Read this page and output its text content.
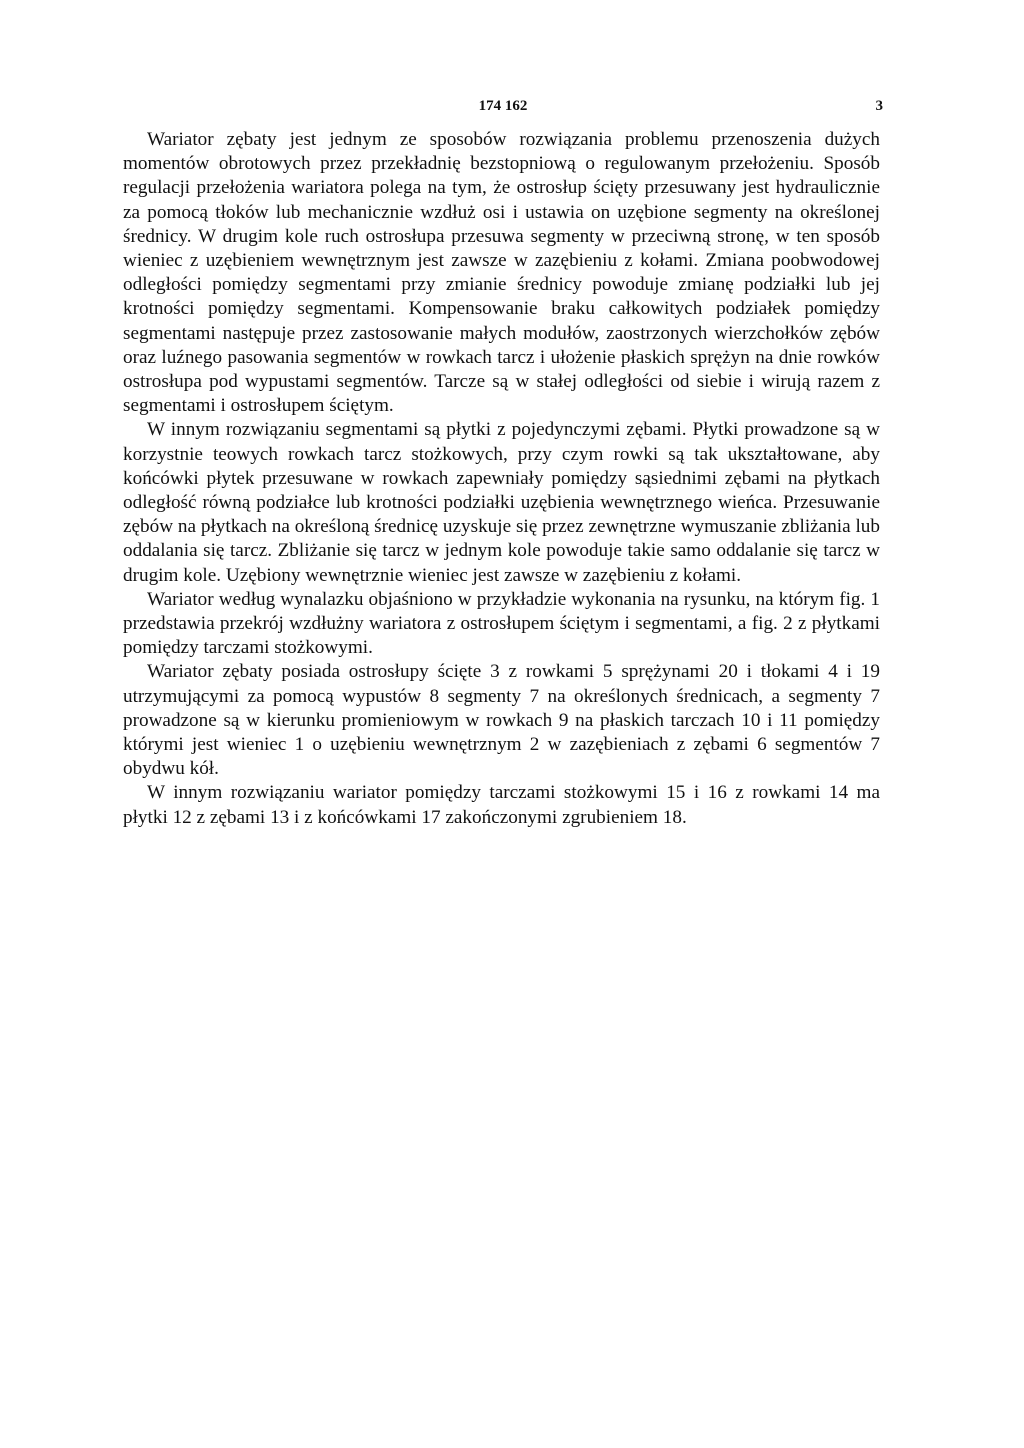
174 162	3

Wariator zębaty jest jednym ze sposobów rozwiązania problemu przenoszenia dużych momentów obrotowych przez przekładnię bezstopniową o regulowanym przełożeniu. Sposób regulacji przełożenia wariatora polega na tym, że ostrosłup ścięty przesuwany jest hydraulicznie za pomocą tłoków lub mechanicznie wzdłuż osi i ustawia on uzębione segmenty na określonej średnicy. W drugim kole ruch ostrosłupa przesuwa segmenty w przeciwną stronę, w ten sposób wieniec z uzębieniem wewnętrznym jest zawsze w zazębieniu z kołami. Zmiana poobwodowej odległości pomiędzy segmentami przy zmianie średnicy powoduje zmianę podziałki lub jej krotności pomiędzy segmentami. Kompensowanie braku całkowitych podziałek pomiędzy segmentami następuje przez zastosowanie małych modułów, zaostrzonych wierzchołków zębów oraz luźnego pasowania segmentów w rowkach tarcz i ułożenie płaskich sprężyn na dnie rowków ostrosłupa pod wypustami segmentów. Tarcze są w stałej odległości od siebie i wirują razem z segmentami i ostrosłupem ściętym.

W innym rozwiązaniu segmentami są płytki z pojedynczymi zębami. Płytki prowadzone są w korzystnie teowych rowkach tarcz stożkowych, przy czym rowki są tak ukształtowane, aby końcówki płytek przesuwane w rowkach zapewniały pomiędzy sąsiednimi zębami na płytkach odległość równą podziałce lub krotności podziałki uzębienia wewnętrznego wieńca. Przesuwanie zębów na płytkach na określoną średnicę uzyskuje się przez zewnętrzne wymuszanie zbliżania lub oddalania się tarcz. Zbliżanie się tarcz w jednym kole powoduje takie samo oddalanie się tarcz w drugim kole. Uzębiony wewnętrznie wieniec jest zawsze w zazębieniu z kołami.

Wariator według wynalazku objaśniono w przykładzie wykonania na rysunku, na którym fig. 1 przedstawia przekrój wzdłużny wariatora z ostrosłupem ściętym i segmentami, a fig. 2 z płytkami pomiędzy tarczami stożkowymi.

Wariator zębaty posiada ostrosłupy ścięte 3 z rowkami 5 sprężynami 20 i tłokami 4 i 19 utrzymującymi za pomocą wypustów 8 segmenty 7 na określonych średnicach, a segmenty 7 prowadzone są w kierunku promieniowym w rowkach 9 na płaskich tarczach 10 i 11 pomiędzy którymi jest wieniec 1 o uzębieniu wewnętrznym 2 w zazębieniach z zębami 6 segmentów 7 obydwu kół.

W innym rozwiązaniu wariator pomiędzy tarczami stożkowymi 15 i 16 z rowkami 14 ma płytki 12 z zębami 13 i z końcówkami 17 zakończonymi zgrubieniem 18.
